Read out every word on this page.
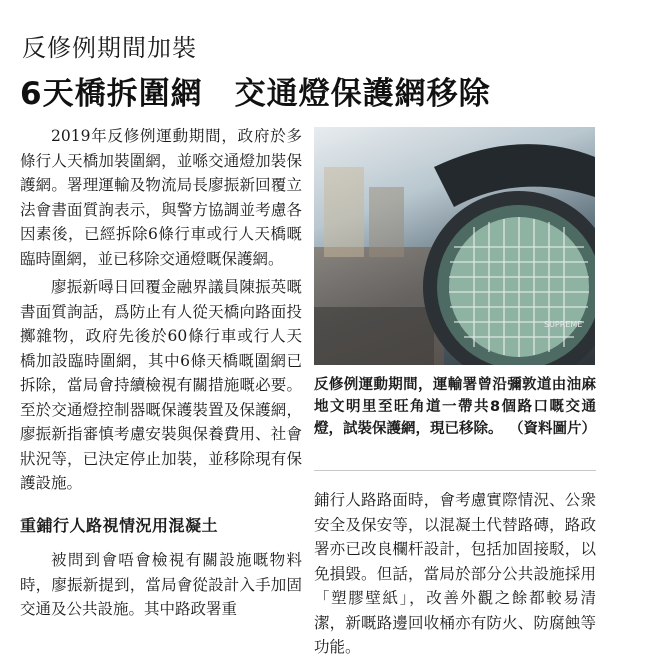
反修例期間加裝
6天橋拆圍網　交通燈保護網移除

2019年反修例運動期間，政府於多條行人天橋加裝圍網，並喺交通燈加裝保護網。署理運輸及物流局長廖振新回覆立法會書面質詢表示，與警方協調並考慮各因素後，已經拆除6條行車或行人天橋嘅臨時圍網，並已移除交通燈嘅保護網。

廖振新噚日回覆金融界議員陳振英嘅書面質詢話，爲防止有人從天橋向路面投擲雜物，政府先後於60條行車或行人天橋加設臨時圍網，其中6條天橋嘅圍網已拆除，當局會持續檢視有關措施嘅必要。至於交通燈控制器嘅保護裝置及保護網，廖振新指審慎考慮安裝與保養費用、社會狀況等，已決定停止加裝，並移除現有保護設施。

重鋪行人路視情況用混凝土

被問到會唔會檢視有關設施嘅物料時，廖振新提到，當局會從設計入手加固交通及公共設施。其中路政署重

SUPREME
反修例運動期間，運輸署曾沿彌敦道由油麻地文明里至旺角道一帶共8個路口嘅交通燈，試裝保護網，現已移除。 （資料圖片）

鋪行人路路面時，會考慮實際情況、公衆安全及保安等，以混凝土代替路磚，路政署亦已改良欄杆設計，包括加固接駁，以免損毀。但話，當局於部分公共設施採用「塑膠壁紙」，改善外觀之餘都較易清潔，新嘅路邊回收桶亦有防火、防腐蝕等功能。
